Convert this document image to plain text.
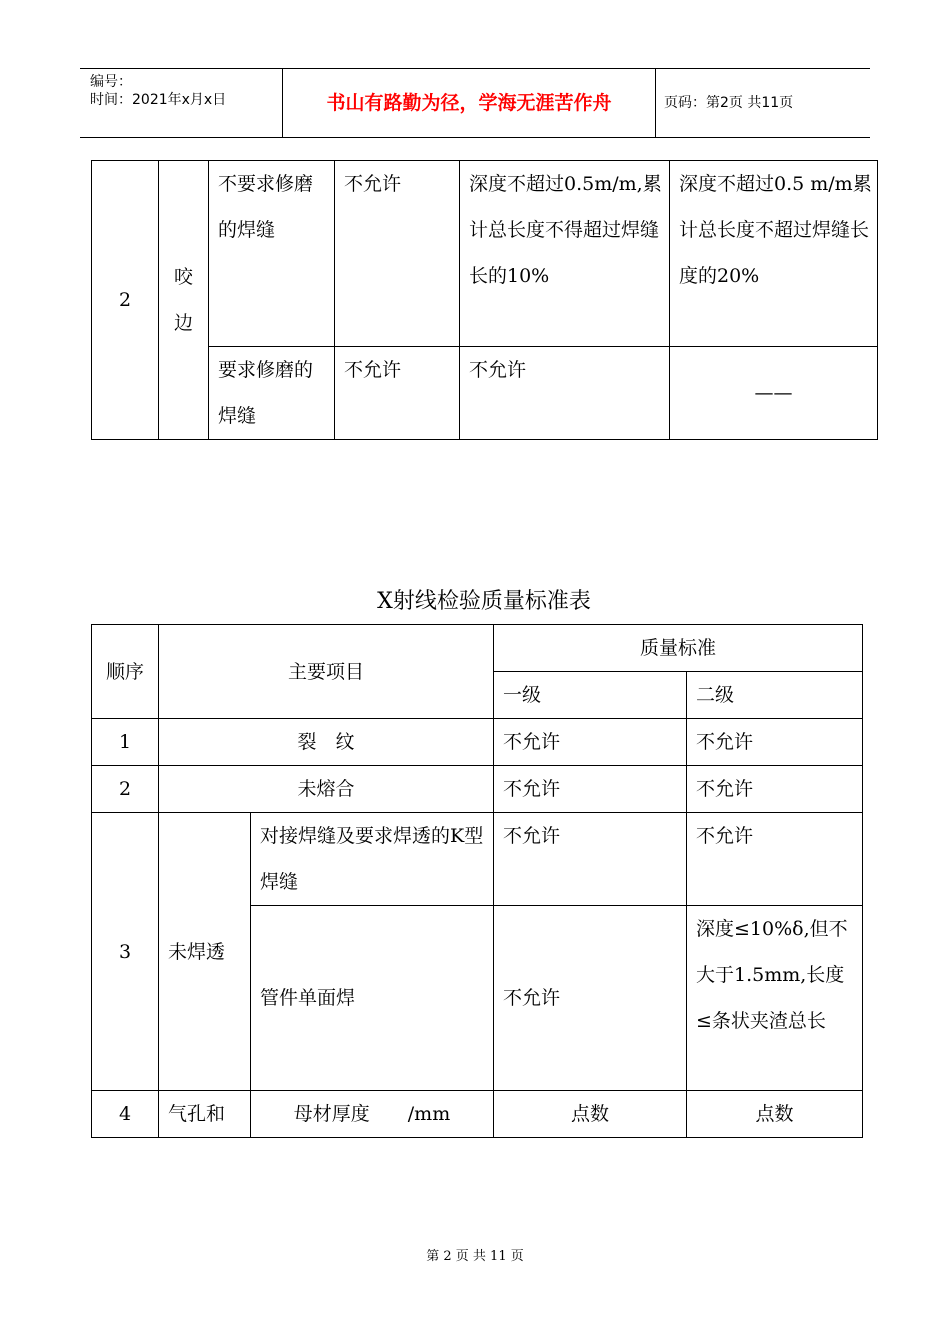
编号：
时间：2021年x月x日	书山有路勤为径，学海无涯苦作舟	页码：第2页 共11页
2	咬边	不要求修磨的焊缝	不允许	深度不超过0.5m/m,累计总长度不得超过焊缝长的10%	深度不超过0.5 m/m累计总长度不超过焊缝长度的20%
		要求修磨的焊缝	不允许	不允许	——
X射线检验质量标准表
顺序	主要项目		质量标准	
			一级	二级
1	裂　纹		不允许	不允许
2	未熔合		不允许	不允许
3	未焊透	对接焊缝及要求焊透的K型焊缝	不允许	不允许
		管件单面焊	不允许	深度≤10%δ,但不大于1.5mm,长度≤条状夹渣总长
4	气孔和	母材厚度　　/mm	点数	点数
第 2 页 共 11 页
